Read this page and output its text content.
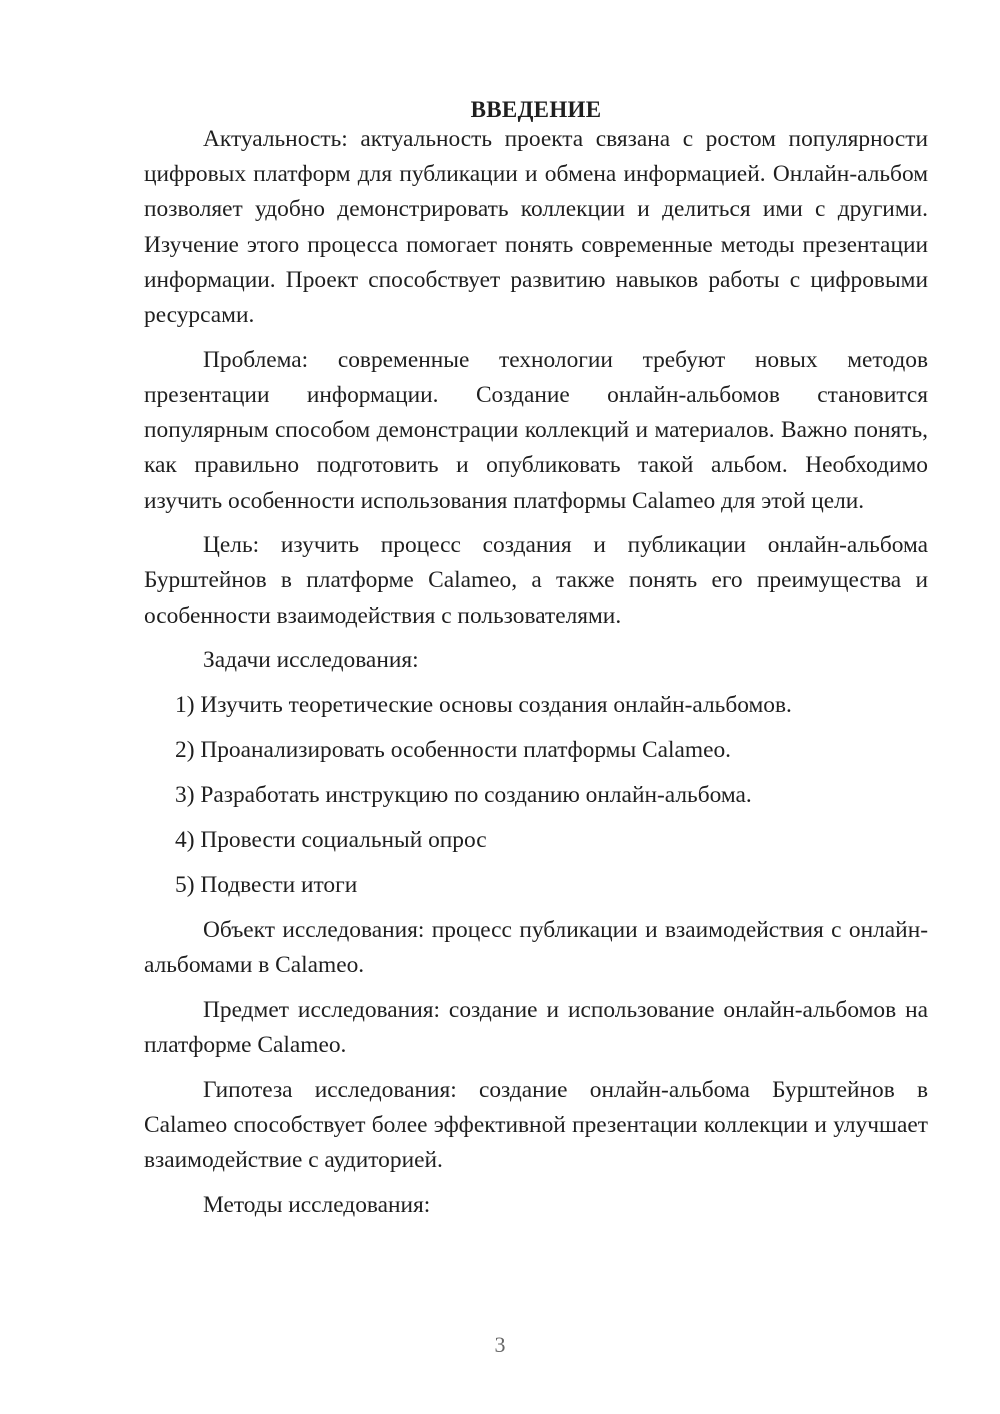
ВВЕДЕНИЕ

Актуальность: актуальность проекта связана с ростом популярности цифровых платформ для публикации и обмена информацией. Онлайн-альбом позволяет удобно демонстрировать коллекции и делиться ими с другими. Изучение этого процесса помогает понять современные методы презентации информации. Проект способствует развитию навыков работы с цифровыми ресурсами.

Проблема: современные технологии требуют новых методов презентации информации. Создание онлайн-альбомов становится популярным способом демонстрации коллекций и материалов. Важно понять, как правильно подготовить и опубликовать такой альбом. Необходимо изучить особенности использования платформы Calameo для этой цели.

Цель: изучить процесс создания и публикации онлайн-альбома Бурштейнов в платформе Calameo, а также понять его преимущества и особенности взаимодействия с пользователями.

Задачи исследования:

1) Изучить теоретические основы создания онлайн-альбомов.
2) Проанализировать особенности платформы Calameo.
3) Разработать инструкцию по созданию онлайн-альбома.
4) Провести социальный опрос
5) Подвести итоги

Объект исследования: процесс публикации и взаимодействия с онлайн-альбомами в Calameo.

Предмет исследования: создание и использование онлайн-альбомов на платформе Calameo.

Гипотеза исследования: создание онлайн-альбома Бурштейнов в Calameo способствует более эффективной презентации коллекции и улучшает взаимодействие с аудиторией.

Методы исследования:

3
